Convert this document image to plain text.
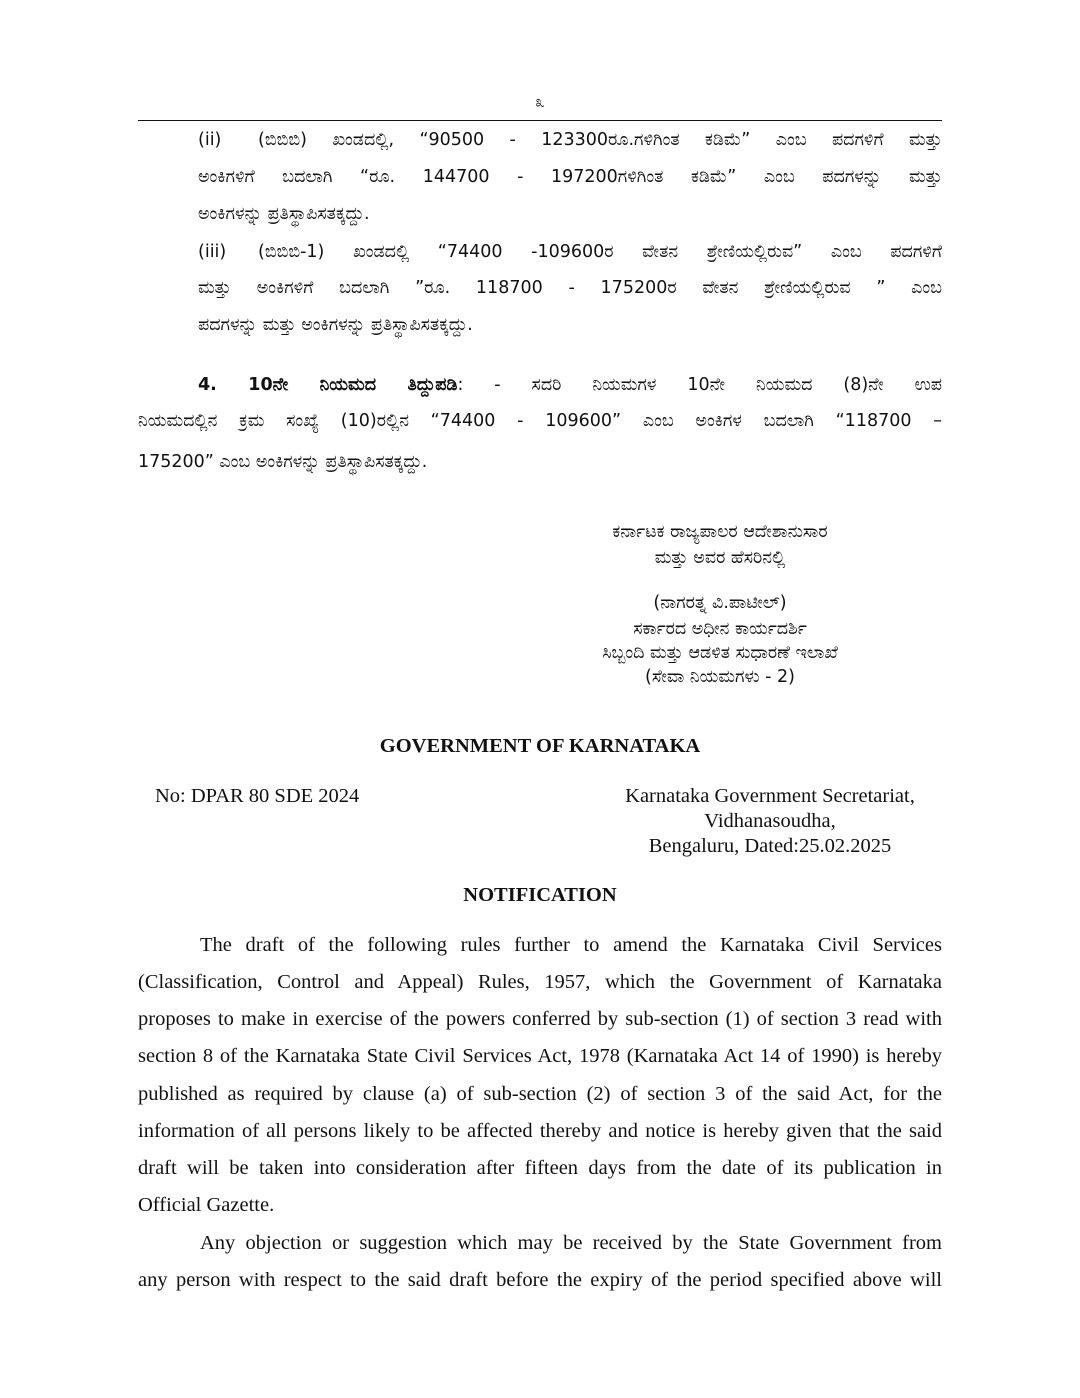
೩
(ii)	(ಬಿಬಿಬಿ) ಖಂಡದಲ್ಲಿ, “90500 - 123300ರೂ.ಗಳಿಗಿಂತ ಕಡಿಮೆ” ಎಂಬ ಪದಗಳಿಗೆ ಮತ್ತು
ಅಂಕಿಗಳಿಗೆ ಬದಲಾಗಿ “ರೂ. 144700 - 197200ಗಳಿಗಿಂತ ಕಡಿಮೆ” ಎಂಬ ಪದಗಳನ್ನು ಮತ್ತು
ಅಂಕಿಗಳನ್ನು ಪ್ರತಿಸ್ಥಾಪಿಸತಕ್ಕದ್ದು.
(iii) (ಬಿಬಿಬಿ-1) ಖಂಡದಲ್ಲಿ “74400 -109600ರ ವೇತನ ಶ್ರೇಣಿಯಲ್ಲಿರುವ” ಎಂಬ ಪದಗಳಿಗೆ
ಮತ್ತು ಅಂಕಿಗಳಿಗೆ ಬದಲಾಗಿ ”ರೂ. 118700 - 175200ರ ವೇತನ ಶ್ರೇಣಿಯಲ್ಲಿರುವ ” ಎಂಬ
ಪದಗಳನ್ನು ಮತ್ತು ಅಂಕಿಗಳನ್ನು ಪ್ರತಿಸ್ಥಾಪಿಸತಕ್ಕದ್ದು.
4. 10ನೇ ನಿಯಮದ ತಿದ್ದುಪಡಿ: - ಸದರಿ ನಿಯಮಗಳ 10ನೇ ನಿಯಮದ (8)ನೇ ಉಪ
ನಿಯಮದಲ್ಲಿನ ಕ್ರಮ ಸಂಖ್ಯೆ (10)ರಲ್ಲಿನ “74400 - 109600” ಎಂಬ ಅಂಕಿಗಳ ಬದಲಾಗಿ “118700 –
175200” ಎಂಬ ಅಂಕಿಗಳನ್ನು ಪ್ರತಿಸ್ಥಾಪಿಸತಕ್ಕದ್ದು.
ಕರ್ನಾಟಕ ರಾಜ್ಯಪಾಲರ ಆದೇಶಾನುಸಾರ
ಮತ್ತು ಅವರ ಹೆಸರಿನಲ್ಲಿ
(ನಾಗರತ್ನ ವಿ.ಪಾಟೀಲ್)
ಸರ್ಕಾರದ ಅಧೀನ ಕಾರ್ಯದರ್ಶಿ
ಸಿಬ್ಬಂದಿ ಮತ್ತು ಆಡಳಿತ ಸುಧಾರಣೆ ಇಲಾಖೆ
(ಸೇವಾ ನಿಯಮಗಳು - 2)
GOVERNMENT OF KARNATAKA
No: DPAR 80 SDE 2024	Karnataka Government Secretariat,
Vidhanasoudha,
Bengaluru, Dated:25.02.2025
NOTIFICATION
The draft of the following rules further to amend the Karnataka Civil Services
(Classification, Control and Appeal) Rules, 1957, which the Government of Karnataka
proposes to make in exercise of the powers conferred by sub-section (1) of section 3 read with
section 8 of the Karnataka State Civil Services Act, 1978 (Karnataka Act 14 of 1990) is hereby
published as required by clause (a) of sub-section (2) of section 3 of the said Act, for the
information of all persons likely to be affected thereby and notice is hereby given that the said
draft will be taken into consideration after fifteen days from the date of its publication in
Official Gazette.
Any objection or suggestion which may be received by the State Government from
any person with respect to the said draft before the expiry of the period specified above will
